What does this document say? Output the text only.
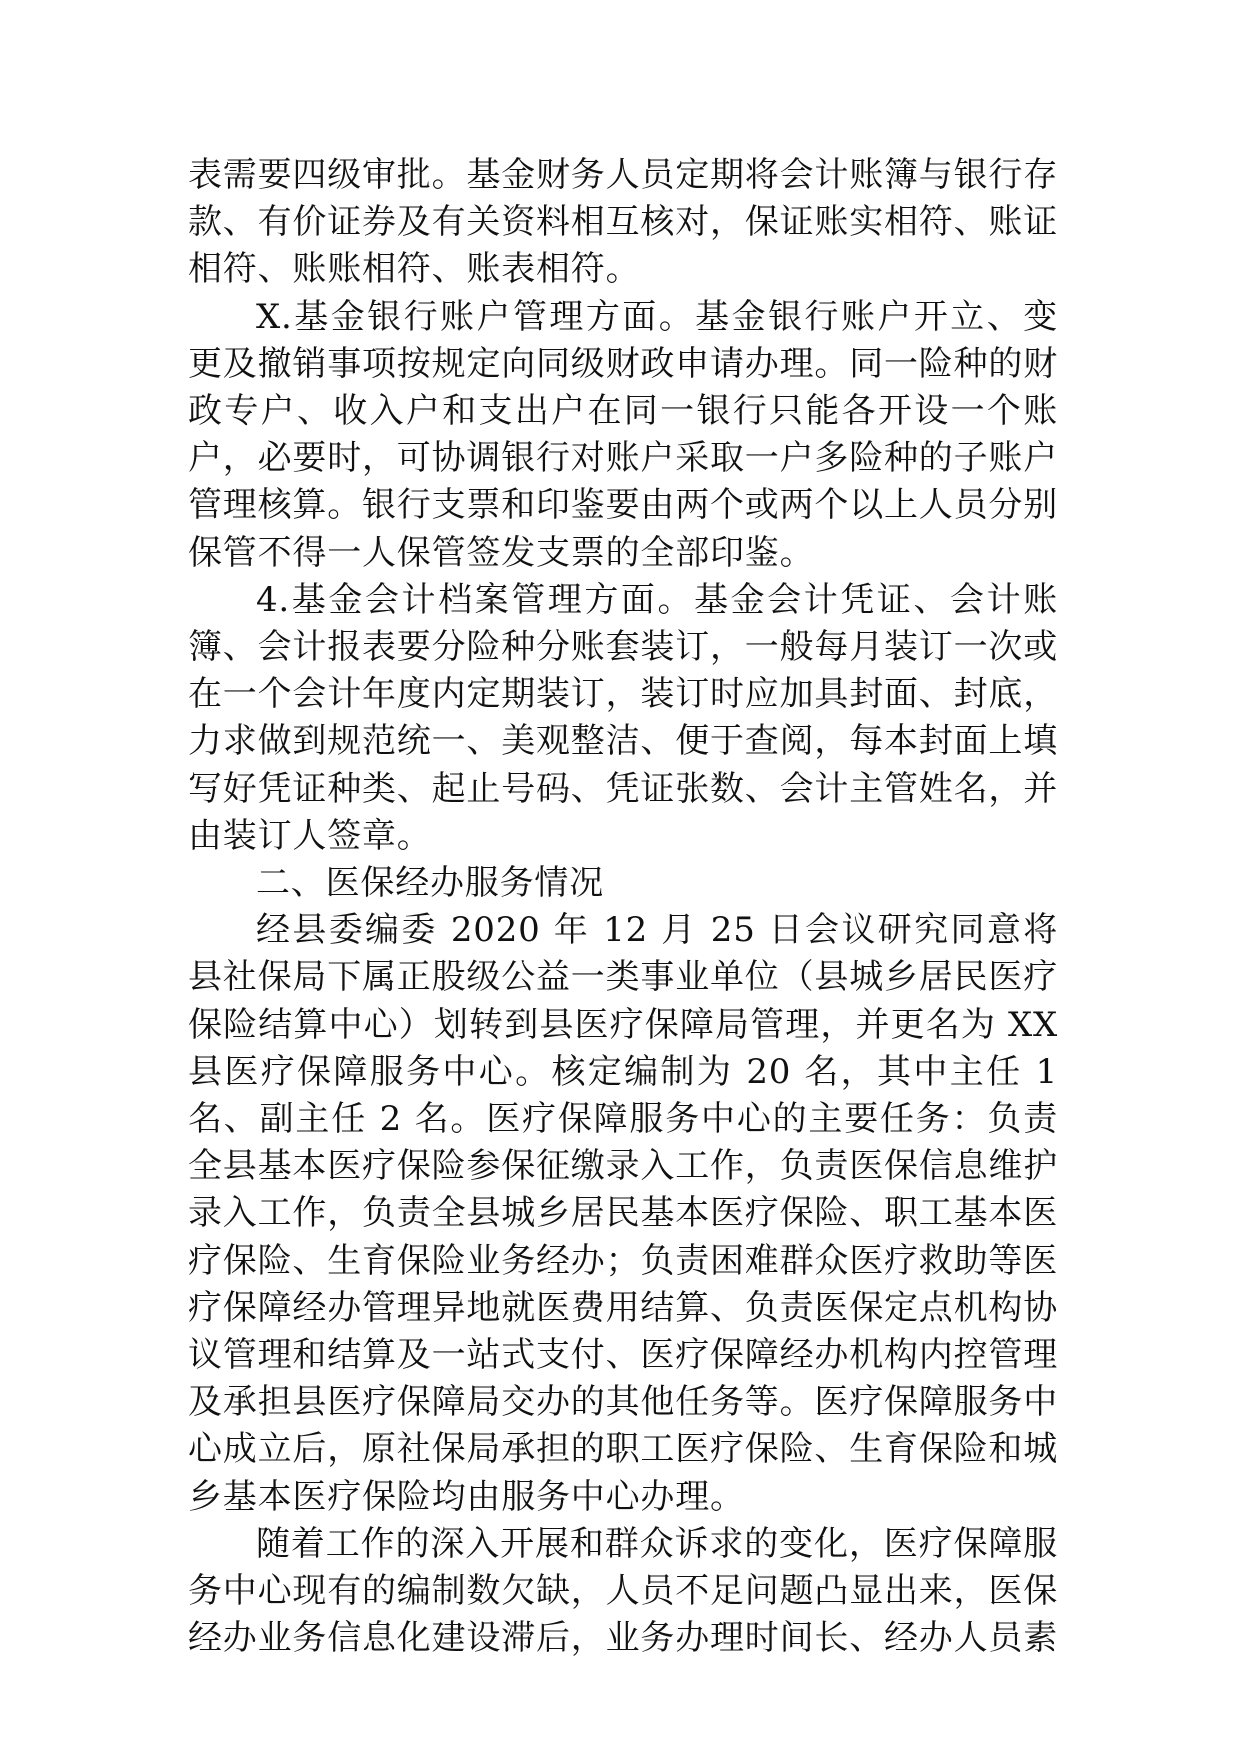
表需要四级审批。基金财务人员定期将会计账簿与银行存款、有价证券及有关资料相互核对，保证账实相符、账证相符、账账相符、账表相符。

X.基金银行账户管理方面。基金银行账户开立、变更及撤销事项按规定向同级财政申请办理。同一险种的财政专户、收入户和支出户在同一银行只能各开设一个账户，必要时，可协调银行对账户采取一户多险种的子账户管理核算。银行支票和印鉴要由两个或两个以上人员分别保管不得一人保管签发支票的全部印鉴。

4.基金会计档案管理方面。基金会计凭证、会计账簿、会计报表要分险种分账套装订，一般每月装订一次或在一个会计年度内定期装订，装订时应加具封面、封底，力求做到规范统一、美观整洁、便于查阅，每本封面上填写好凭证种类、起止号码、凭证张数、会计主管姓名，并由装订人签章。

二、医保经办服务情况

经县委编委 2020 年 12 月 25 日会议研究同意将县社保局下属正股级公益一类事业单位（县城乡居民医疗保险结算中心）划转到县医疗保障局管理，并更名为 XX 县医疗保障服务中心。核定编制为 20 名，其中主任 1 名、副主任 2 名。医疗保障服务中心的主要任务：负责全县基本医疗保险参保征缴录入工作，负责医保信息维护录入工作，负责全县城乡居民基本医疗保险、职工基本医疗保险、生育保险业务经办；负责困难群众医疗救助等医疗保障经办管理异地就医费用结算、负责医保定点机构协议管理和结算及一站式支付、医疗保障经办机构内控管理及承担县医疗保障局交办的其他任务等。医疗保障服务中心成立后，原社保局承担的职工医疗保险、生育保险和城乡基本医疗保险均由服务中心办理。

随着工作的深入开展和群众诉求的变化，医疗保障服务中心现有的编制数欠缺，人员不足问题凸显出来，医保经办业务信息化建设滞后，业务办理时间长、经办人员素
